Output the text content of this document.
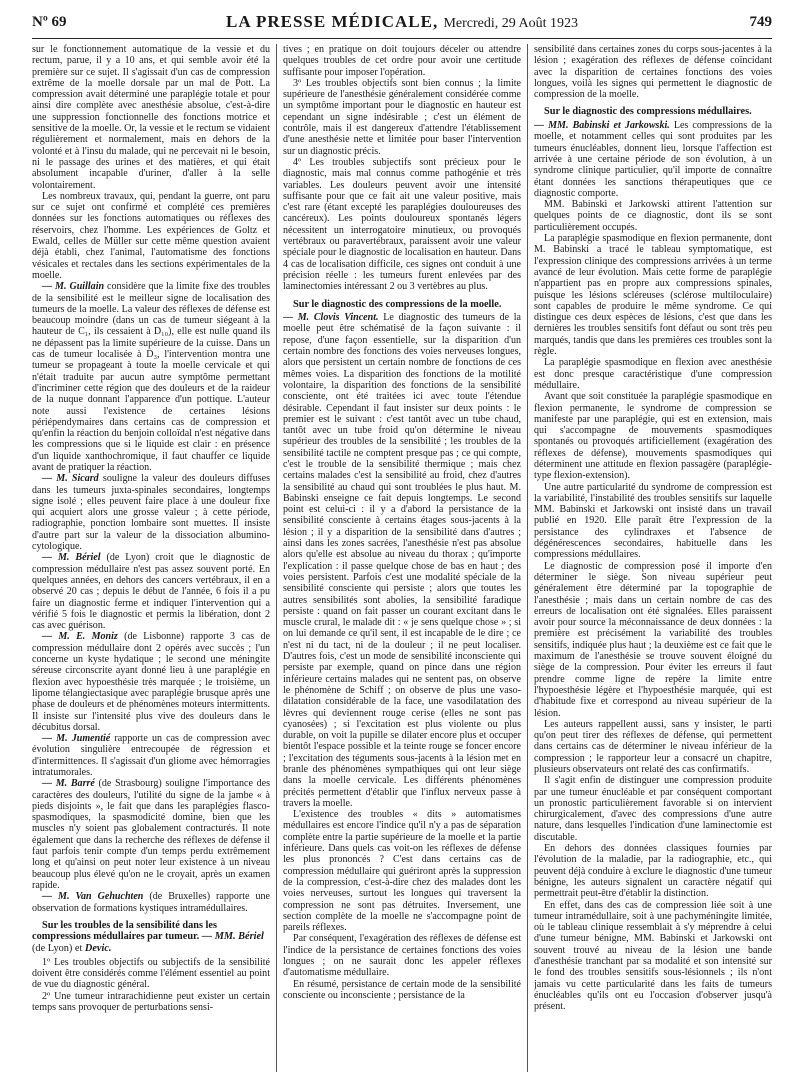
Nº 69	LA PRESSE MÉDICALE, Mercredi, 29 Août 1923	749

sur le fonctionnement automatique de la vessie et du rectum, parue, il y a 10 ans, et qui semble avoir été la première sur ce sujet. Il s'agissait d'un cas de compression extrême de la moelle dorsale par un mal de Pott. La compression avait déterminé une paraplégie totale et pour ainsi dire complète avec anesthésie absolue, c'est-à-dire une suppression fonctionnelle des fonctions motrice et sensitive de la moelle. Or, la vessie et le rectum se vidaient régulièrement et normalement, mais en dehors de la volonté et à l'insu du malade, qui ne percevait ni le besoin, ni le passage des urines et des matières, et qui était absolument incapable d'uriner, d'aller à la selle volontairement.

Les nombreux travaux, qui, pendant la guerre, ont paru sur ce sujet ont confirmé et complété ces premières données sur les fonctions automatiques ou réflexes des réservoirs, chez l'homme. Les expériences de Goltz et Ewald, celles de Müller sur cette même question avaient déjà établi, chez l'animal, l'automatisme des fonctions vésicales et rectales dans les sections expérimentales de la moelle.

— M. Guillain considère que la limite fixe des troubles de la sensibilité est le meilleur signe de localisation des tumeurs de la moelle. La valeur des réflexes de défense est beaucoup moindre (dans un cas de tumeur siégeant à la hauteur de C₁, ils cessaient à D₁₀), elle est nulle quand ils ne dépassent pas la limite supérieure de la cuisse. Dans un cas de tumeur localisée à D₃, l'intervention montra une tumeur se propageant à toute la moelle cervicale et qui n'était traduite par aucun autre symptôme permettant d'incriminer cette région que des douleurs et de la raideur de la nuque donnant l'apparence d'un pottique. L'auteur note aussi l'existence de certaines lésions périépendymaires dans certains cas de compression et qu'enfin la réaction du benjoin colloïdal n'est négative dans les compressions que si le liquide est clair : en présence d'un liquide xanthochromique, il faut chauffer ce liquide avant de pratiquer la réaction.

— M. Sicard souligne la valeur des douleurs diffuses dans les tumeurs juxta-spinales secondaires, longtemps signe isolé ; elles peuvent faire place à une douleur fixe qui acquiert alors une grosse valeur ; à cette période, radiographie, ponction lombaire sont muettes. Il insiste d'autre part sur la valeur de la dissociation albumino-cytologique.

— M. Bériel (de Lyon) croit que le diagnostic de compression médullaire n'est pas assez souvent porté. En quelques années, en dehors des cancers vertébraux, il en a observé 20 cas ; depuis le début de l'année, 6 fois il a pu faire un diagnostic ferme et indiquer l'intervention qui a vérifié 5 fois le diagnostic et permis la libération, dont 2 cas avec guérison.

— M. E. Moniz (de Lisbonne) rapporte 3 cas de compression médullaire dont 2 opérés avec succès ; l'un concerne un kyste hydatique ; le second une méningite séreuse circonscrite ayant donné lieu à une paraplégie en flexion avec hypoesthésie très marquée ; le troisième, un lipome télangiectasique avec paraplégie brusque après une phase de douleurs et de phénomènes moteurs intermittents. Il insiste sur l'intensité plus vive des douleurs dans le décubitus dorsal.

— M. Jumentié rapporte un cas de compression avec évolution singulière entrecoupée de régression et d'intermittences. Il s'agissait d'un gliome avec hémorragies intratumorales.

— M. Barré (de Strasbourg) souligne l'importance des caractères des douleurs, l'utilité du signe de la jambe « à pieds disjoints », le fait que dans les paraplégies flasco-spasmodiques, la spasmodicité domine, bien que les muscles n'y soient pas globalement contracturés. Il note également que dans la recherche des réflexes de défense il faut parfois tenir compte d'un temps perdu extrêmement long et qu'ainsi on peut noter leur existence à un niveau beaucoup plus élevé qu'on ne le croyait, après un examen rapide.

— M. Van Gehuchten (de Bruxelles) rapporte une observation de formations kystiques intramédullaires.

Sur les troubles de la sensibilité dans les compressions médullaires par tumeur. — MM. Bériel (de Lyon) et Devic.

1º Les troubles objectifs ou subjectifs de la sensibilité doivent être considérés comme l'élément essentiel au point de vue du diagnostic général.

2º Une tumeur intrarachidienne peut exister un certain temps sans provoquer de perturbations sensi-

tives ; en pratique on doit toujours déceler ou attendre quelques troubles de cet ordre pour avoir une certitude suffisante pour imposer l'opération.

3º Les troubles objectifs sont bien connus ; la limite supérieure de l'anesthésie généralement considérée comme un symptôme important pour le diagnostic en hauteur est cependant un signe indésirable ; c'est un élément de contrôle, mais il est dangereux d'attendre l'établissement d'une anesthésie nette et limitée pour baser l'intervention sur un diagnostic précis.

4º Les troubles subjectifs sont précieux pour le diagnostic, mais mal connus comme pathogénie et très variables. Les douleurs peuvent avoir une intensité suffisante pour que ce fait ait une valeur positive, mais c'est rare (étant excepté les paraplégies douloureuses des cancéreux). Les points douloureux spontanés légers nécessitent un interrogatoire minutieux, ou provoqués vertébraux ou paravertébraux, paraissent avoir une valeur spéciale pour le diagnostic de localisation en hauteur. Dans 4 cas de localisation difficile, ces signes ont conduit à une précision réelle : les tumeurs furent enlevées par des laminectomies intéressant 2 ou 3 vertèbres au plus.

Sur le diagnostic des compressions de la moelle.

— M. Clovis Vincent. Le diagnostic des tumeurs de la moelle peut être schématisé de la façon suivante : il repose, d'une façon essentielle, sur la disparition d'un certain nombre des fonctions des voies nerveuses longues, alors que persistent un certain nombre de fonctions de ces mêmes voies. La disparition des fonctions de la motilité volontaire, la disparition des fonctions de la sensibilité consciente, ont été traitées ici avec toute l'étendue désirable. Cependant il faut insister sur deux points : le premier est le suivant : c'est tantôt avec un tube chaud, tantôt avec un tube froid qu'on détermine le niveau supérieur des troubles de la sensibilité ; les troubles de la sensibilité tactile ne comptent presque pas ; ce qui compte, c'est le trouble de la sensibilité thermique ; mais chez certains malades c'est la sensibilité au froid, chez d'autres la sensibilité au chaud qui sont troublées le plus haut. M. Babinski enseigne ce fait depuis longtemps. Le second point est celui-ci : il y a d'abord la persistance de la sensibilité consciente à certains étages sous-jacents à la lésion ; il y a disparition de la sensibilité dans d'autres ; ainsi dans les zones sacrées, l'anesthésie n'est pas absolue alors qu'elle est absolue au niveau du thorax ; qu'importe l'explication : il passe quelque chose de bas en haut ; des voies persistent. Parfois c'est une modalité spéciale de la sensibilité consciente qui persiste ; alors que toutes les autres sensibilités sont abolies, la sensibilité faradique persiste : quand on fait passer un courant excitant dans le muscle crural, le malade dit : « je sens quelque chose » ; si on lui demande ce qu'il sent, il est incapable de le dire ; ce n'est ni du tact, ni de la douleur ; il ne peut localiser. D'autres fois, c'est un mode de sensibilité inconsciente qui persiste par exemple, quand on pince dans une région inférieure certains malades qui ne sentent pas, on observe le phénomène de Schiff ; on observe de plus une vaso-dilatation considérable de la face, une vasodilatation des lèvres qui deviennent rouge cerise (elles ne sont pas cyanosées) ; si l'excitation est plus violente ou plus durable, on voit la pupille se dilater encore plus et occuper bientôt l'espace possible et la teinte rouge se foncer encore ; l'excitation des téguments sous-jacents à la lésion met en branle des phénomènes sympathiques qui ont leur siège dans la moelle cervicale. Les différents phénomènes précités permettent d'établir que l'influx nerveux passe à travers la moelle.

L'existence des troubles « dits » automatismes médullaires est encore l'indice qu'il n'y a pas de séparation complète entre la partie supérieure de la moelle et la partie inférieure. Dans quels cas voit-on les réflexes de défense les plus prononcés ? C'est dans certains cas de compression médullaire qui guériront après la suppression de la compression, c'est-à-dire chez des malades dont les voies nerveuses, surtout les longues qui traversent la compression ne sont pas détruites. Inversement, une section complète de la moelle ne s'accompagne point de pareils réflexes.

Par conséquent, l'exagération des réflexes de défense est l'indice de la persistance de certaines fonctions des voies longues ; on ne saurait donc les appeler réflexes d'automatisme médullaire.

En résumé, persistance de certain mode de la sensibilité consciente ou inconsciente ; persistance de la

sensibilité dans certaines zones du corps sous-jacentes à la lésion ; exagération des réflexes de défense coïncidant avec la disparition de certaines fonctions des voies longues, voilà les signes qui permettent le diagnostic de compression de la moelle.

Sur le diagnostic des compressions médullaires.

— MM. Babinski et Jarkowski. Les compressions de la moelle, et notamment celles qui sont produites par les tumeurs énucléables, donnent lieu, lorsque l'affection est arrivée à une certaine période de son évolution, à un syndrome clinique particulier, qu'il importe de connaître étant données les sanctions thérapeutiques que ce diagnostic comporte.

MM. Babinski et Jarkowski attirent l'attention sur quelques points de ce diagnostic, dont ils se sont particulièrement occupés.

La paraplégie spasmodique en flexion permanente, dont M. Babinski a tracé le tableau symptomatique, est l'expression clinique des compressions arrivées à un terme avancé de leur évolution. Mais cette forme de paraplégie n'appartient pas en propre aux compressions spinales, puisque les lésions scléreuses (sclérose multiloculaire) sont capables de produire le même syndrome. Ce qui distingue ces deux espèces de lésions, c'est que dans les dernières les troubles sensitifs font défaut ou sont très peu marqués, tandis que dans les premières ces troubles sont la règle.

La paraplégie spasmodique en flexion avec anesthésie est donc presque caractéristique d'une compression médullaire.

Avant que soit constituée la paraplégie spasmodique en flexion permanente, le syndrome de compression se manifeste par une paraplégie, qui est en extension, mais qui s'accompagne de mouvements spasmodiques spontanés ou provoqués artificiellement (exagération des réflexes de défense), mouvements spasmodiques qui déterminent une attitude en flexion passagère (paraplégie-type flexion-extension).

Une autre particularité du syndrome de compression est la variabilité, l'instabilité des troubles sensitifs sur laquelle MM. Babinski et Jarkowski ont insisté dans un travail publié en 1920. Elle paraît être l'expression de la persistance des cylindraxes et l'absence de dégénérescences secondaires, habituelle dans les compressions médullaires.

Le diagnostic de compression posé il importe d'en déterminer le siège. Son niveau supérieur peut généralement être déterminé par la topographie de l'anesthésie ; mais dans un certain nombre de cas des erreurs de localisation ont été signalées. Elles paraissent avoir pour source la méconnaissance de deux données : la première est précisément la variabilité des troubles sensitifs, indiquée plus haut ; la deuxième est ce fait que le maximum de l'anesthésie se trouve souvent éloigné du siège de la compression. Pour éviter les erreurs il faut prendre comme ligne de repère la limite entre l'hypoesthésie légère et l'hypoesthésie marquée, qui est d'habitude fixe et correspond au niveau supérieur de la lésion.

Les auteurs rappellent aussi, sans y insister, le parti qu'on peut tirer des réflexes de défense, qui permettent dans certains cas de déterminer le niveau inférieur de la compression ; le rapporteur leur a consacré un chapitre, plusieurs observateurs ont relaté des cas confirmatifs.

Il s'agit enfin de distinguer une compression produite par une tumeur énucléable et par conséquent comportant un pronostic particulièrement favorable si on intervient chirurgicalement, d'avec des compressions d'une autre nature, dans lesquelles l'indication d'une laminectomie est discutable.

En dehors des données classiques fournies par l'évolution de la maladie, par la radiographie, etc., qui peuvent déjà conduire à exclure le diagnostic d'une tumeur bénigne, les auteurs signalent un caractère négatif qui permettrait peut-être d'établir la distinction.

En effet, dans des cas de compression liée soit à une tumeur intramédullaire, soit à une pachyméningite limitée, où le tableau clinique ressemblait à s'y méprendre à celui d'une tumeur bénigne, MM. Babinski et Jarkowski ont souvent trouvé au niveau de la lésion une bande d'anesthésie tranchant par sa modalité et son intensité sur le fond des troubles sensitifs sous-lésionnels ; ils n'ont jamais vu cette particularité dans les faits de tumeurs énucléables qu'ils ont eu l'occasion d'observer jusqu'à présent.
